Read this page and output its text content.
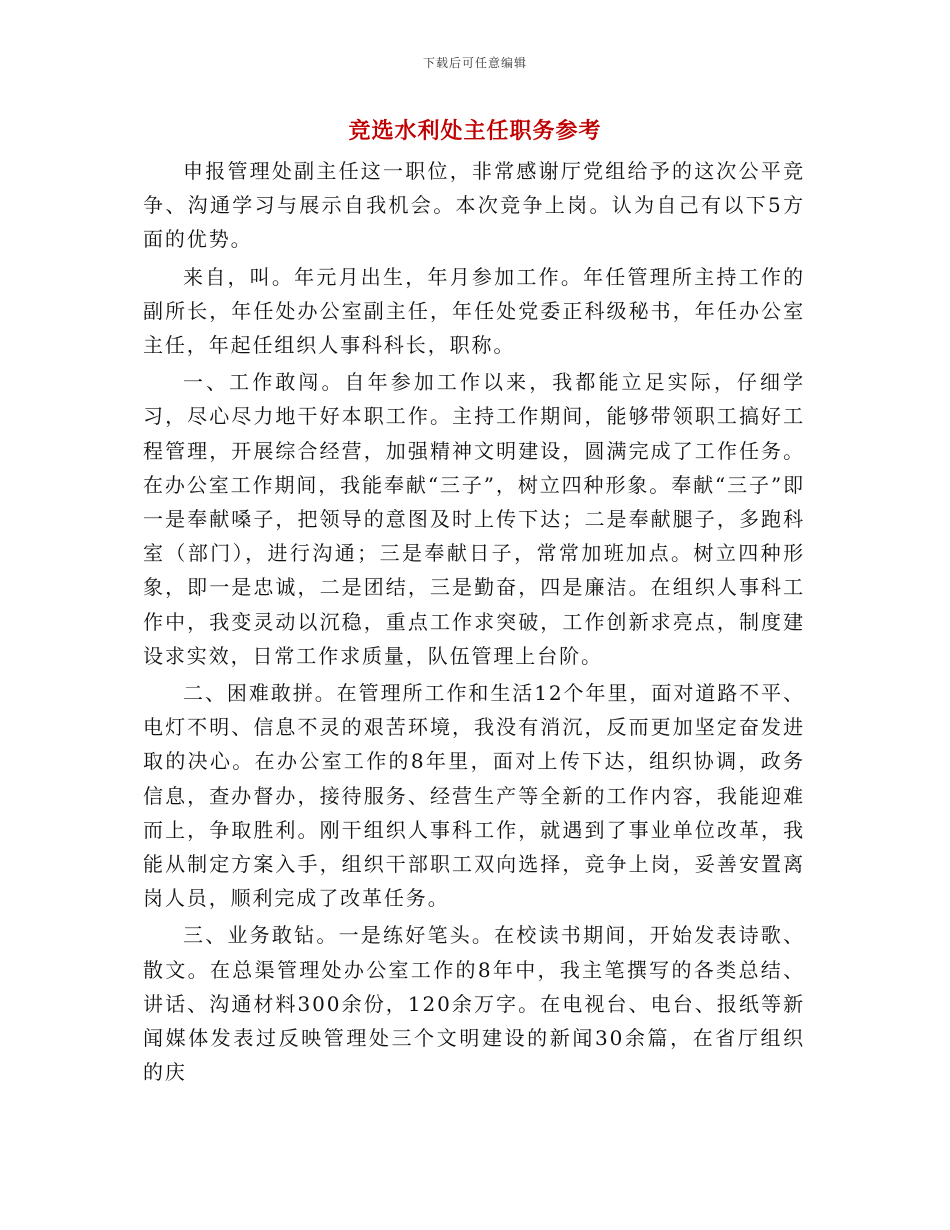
下载后可任意编辑
竞选水利处主任职务参考

申报管理处副主任这一职位，非常感谢厅党组给予的这次公平竞争、沟通学习与展示自我机会。本次竞争上岗。认为自己有以下5方面的优势。

来自，叫。年元月出生，年月参加工作。年任管理所主持工作的副所长，年任处办公室副主任，年任处党委正科级秘书，年任办公室主任，年起任组织人事科科长，职称。

一、工作敢闯。自年参加工作以来，我都能立足实际，仔细学习，尽心尽力地干好本职工作。主持工作期间，能够带领职工搞好工程管理，开展综合经营，加强精神文明建设，圆满完成了工作任务。在办公室工作期间，我能奉献“三子”，树立四种形象。奉献“三子”即一是奉献嗓子，把领导的意图及时上传下达；二是奉献腿子，多跑科室（部门），进行沟通；三是奉献日子，常常加班加点。树立四种形象，即一是忠诚，二是团结，三是勤奋，四是廉洁。在组织人事科工作中，我变灵动以沉稳，重点工作求突破，工作创新求亮点，制度建设求实效，日常工作求质量，队伍管理上台阶。

二、困难敢拼。在管理所工作和生活12个年里，面对道路不平、电灯不明、信息不灵的艰苦环境，我没有消沉，反而更加坚定奋发进取的决心。在办公室工作的8年里，面对上传下达，组织协调，政务信息，查办督办，接待服务、经营生产等全新的工作内容，我能迎难而上，争取胜利。刚干组织人事科工作，就遇到了事业单位改革，我能从制定方案入手，组织干部职工双向选择，竞争上岗，妥善安置离岗人员，顺利完成了改革任务。

三、业务敢钻。一是练好笔头。在校读书期间，开始发表诗歌、散文。在总渠管理处办公室工作的8年中，我主笔撰写的各类总结、讲话、沟通材料300余份，120余万字。在电视台、电台、报纸等新闻媒体发表过反映管理处三个文明建设的新闻30余篇，在省厅组织的庆
